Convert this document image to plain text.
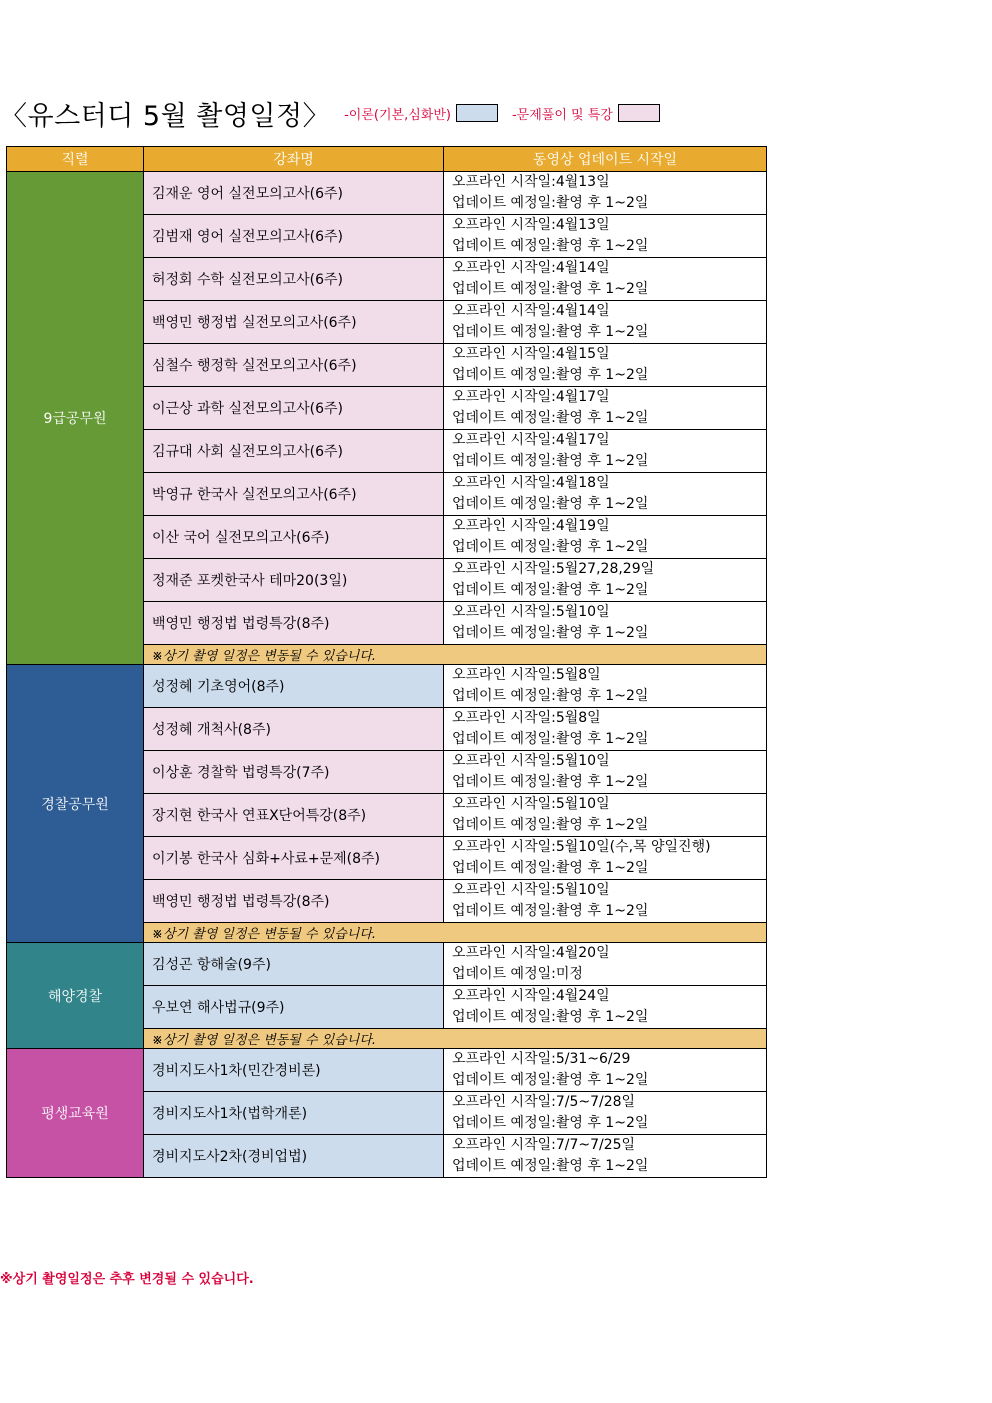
〈유스터디 5월 촬영일정〉 -이론(기본,심화반)	-문제풀이 및 특강
직렬	강좌명	동영상 업데이트 시작일
9급공무원	김재운 영어 실전모의고사(6주)	오프라인 시작일:4월13일
업데이트 예정일:촬영 후 1~2일

	김범재 영어 실전모의고사(6주)	오프라인 시작일:4월13일
업데이트 예정일:촬영 후 1~2일

	허정회 수학 실전모의고사(6주)	오프라인 시작일:4월14일
업데이트 예정일:촬영 후 1~2일

	백영민 행정법 실전모의고사(6주)	오프라인 시작일:4월14일
업데이트 예정일:촬영 후 1~2일

	심철수 행정학 실전모의고사(6주)	오프라인 시작일:4월15일
업데이트 예정일:촬영 후 1~2일

	이근상 과학 실전모의고사(6주)	오프라인 시작일:4월17일
업데이트 예정일:촬영 후 1~2일

	김규대 사회 실전모의고사(6주)	오프라인 시작일:4월17일
업데이트 예정일:촬영 후 1~2일

	박영규 한국사 실전모의고사(6주)	오프라인 시작일:4월18일
업데이트 예정일:촬영 후 1~2일

	이산 국어 실전모의고사(6주)	오프라인 시작일:4월19일
업데이트 예정일:촬영 후 1~2일

	정재준 포켓한국사 테마20(3일)	오프라인 시작일:5월27,28,29일
업데이트 예정일:촬영 후 1~2일

	백영민 행정법 법령특강(8주)	오프라인 시작일:5월10일
업데이트 예정일:촬영 후 1~2일

	※상기 촬영 일정은 변동될 수 있습니다.	
경찰공무원	성정혜 기초영어(8주)	오프라인 시작일:5월8일
업데이트 예정일:촬영 후 1~2일

	성정혜 개척사(8주)	오프라인 시작일:5월8일
업데이트 예정일:촬영 후 1~2일

	이상훈 경찰학 법령특강(7주)	오프라인 시작일:5월10일
업데이트 예정일:촬영 후 1~2일

	장지현 한국사 연표X단어특강(8주)	오프라인 시작일:5월10일
업데이트 예정일:촬영 후 1~2일

	이기봉 한국사 심화+사료+문제(8주)	오프라인 시작일:5월10일(수,목 양일진행)
업데이트 예정일:촬영 후 1~2일

	백영민 행정법 법령특강(8주)	오프라인 시작일:5월10일
업데이트 예정일:촬영 후 1~2일

	※상기 촬영 일정은 변동될 수 있습니다.	
해양경찰	김성곤 항해술(9주)	오프라인 시작일:4월20일
업데이트 예정일:미정

	우보연 해사법규(9주)	오프라인 시작일:4월24일
업데이트 예정일:촬영 후 1~2일

	※상기 촬영 일정은 변동될 수 있습니다.	
평생교육원	경비지도사1차(민간경비론)	오프라인 시작일:5/31~6/29
업데이트 예정일:촬영 후 1~2일

	경비지도사1차(법학개론)	오프라인 시작일:7/5~7/28일
업데이트 예정일:촬영 후 1~2일

	경비지도사2차(경비업법)	오프라인 시작일:7/7~7/25일
업데이트 예정일:촬영 후 1~2일
※상기 촬영일정은 추후 변경될 수 있습니다.
